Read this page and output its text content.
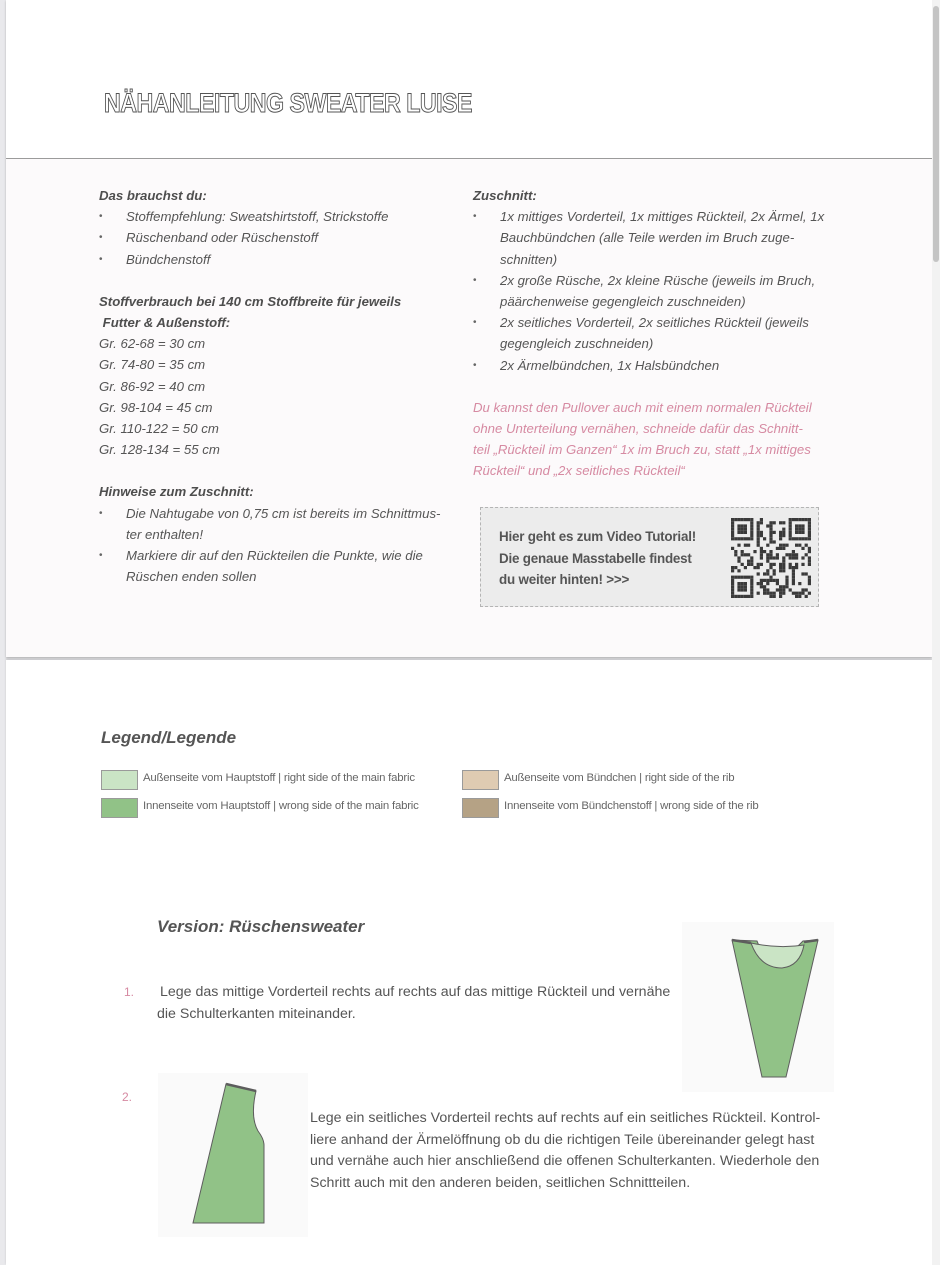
NÄHANLEITUNG SWEATER LUISE
Das brauchst du:
• Stoffempfehlung: Sweatshirtstoff, Strickstoffe
• Rüschenband oder Rüschenstoff
• Bündchenstoff
Stoffverbrauch bei 140 cm Stoffbreite für jeweils
Futter & Außenstoff:
Gr. 62-68 = 30 cm
Gr. 74-80 = 35 cm
Gr. 86-92 = 40 cm
Gr. 98-104 = 45 cm
Gr. 110-122 = 50 cm
Gr. 128-134 = 55 cm
Hinweise zum Zuschnitt:
• Die Nahtugabe von 0,75 cm ist bereits im Schnittmus-
ter enthalten!
• Markiere dir auf den Rückteilen die Punkte, wie die
Rüschen enden sollen
Zuschnitt:
• 1x mittiges Vorderteil, 1x mittiges Rückteil, 2x Ärmel, 1x
Bauchbündchen (alle Teile werden im Bruch zuge-
schnitten)
• 2x große Rüsche, 2x kleine Rüsche (jeweils im Bruch,
päärchenweise gegengleich zuschneiden)
• 2x seitliches Vorderteil, 2x seitliches Rückteil (jeweils
gegengleich zuschneiden)
• 2x Ärmelbündchen, 1x Halsbündchen
Du kannst den Pullover auch mit einem normalen Rückteil
ohne Unterteilung vernähen, schneide dafür das Schnitt-
teil „Rückteil im Ganzen“ 1x im Bruch zu, statt „1x mittiges
Rückteil“ und „2x seitliches Rückteil“
Hier geht es zum Video Tutorial!
Die genaue Masstabelle findest
du weiter hinten! >>>
Legend/Legende
Außenseite vom Hauptstoff | right side of the main fabric
Innenseite vom Hauptstoff | wrong side of the main fabric
Außenseite vom Bündchen | right side of the rib
Innenseite vom Bündchenstoff | wrong side of the rib
Version: Rüschensweater
1. Lege das mittige Vorderteil rechts auf rechts auf das mittige Rückteil und vernähe
die Schulterkanten miteinander.
2.
Lege ein seitliches Vorderteil rechts auf rechts auf ein seitliches Rückteil. Kontrol-
liere anhand der Ärmelöffnung ob du die richtigen Teile übereinander gelegt hast
und vernähe auch hier anschließend die offenen Schulterkanten. Wiederhole den
Schritt auch mit den anderen beiden, seitlichen Schnittteilen.
